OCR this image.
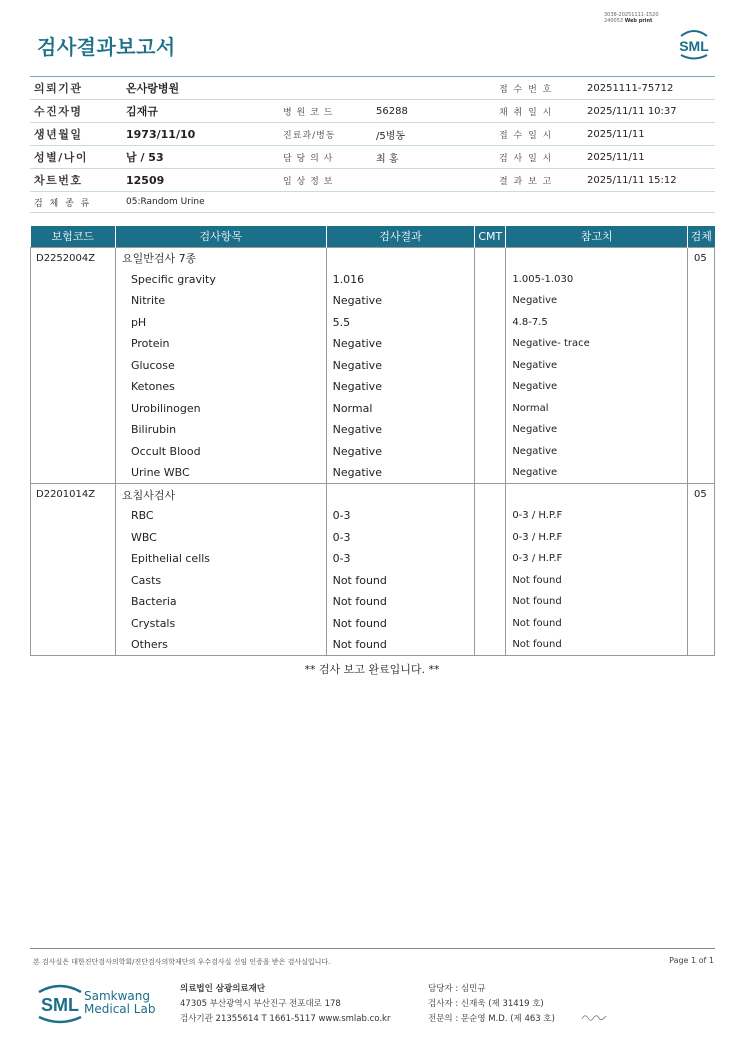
3038-20251111-1520
240053 Web print
검사결과보고서	SML
의뢰기관	온사랑병원	접 수 번 호	20251111-75712
수진자명	김재규	병 원 코 드	56288	채 취 일 시	2025/11/11 10:37
생년월일	1973/11/10	진료과/병동	/5병동	접 수 일 시	2025/11/11
성별/나이	남 / 53	담 당 의 사	최 홍	검 사 일 시	2025/11/11
차트번호	12509	임 상 정 보	결 과 보 고	2025/11/11 15:12
검 체 종 류	05:Random Urine
보험코드	검사항목	검사결과	CMT	참고치	검체
D2252004Z	요일반검사 7종				05
	Specific gravity	1.016		1.005-1.030	
	Nitrite	Negative		Negative	
	pH	5.5		4.8-7.5	
	Protein	Negative		Negative- trace	
	Glucose	Negative		Negative	
	Ketones	Negative		Negative	
	Urobilinogen	Normal		Normal	
	Bilirubin	Negative		Negative	
	Occult Blood	Negative		Negative	
	Urine WBC	Negative		Negative	
D2201014Z	요침사검사				05
	RBC	0-3		0-3 / H.P.F	
	WBC	0-3		0-3 / H.P.F	
	Epithelial cells	0-3		0-3 / H.P.F	
	Casts	Not found		Not found	
	Bacteria	Not found		Not found	
	Crystals	Not found		Not found	
	Others	Not found		Not found	
** 검사 보고 완료입니다. **
본 검사실은 대한진단검사의학회/진단검사의학재단의 우수검사실 신임 인증을 받은 검사실입니다.	Page 1 of 1
SML Samkwang
Medical Lab
의료법인 삼광의료재단
47305 부산광역시 부산진구 전포대로 178
검사기관 21355614 T 1661-5117 www.smlab.co.kr
담당자 : 심민규
검사자 : 신재욱 (제 31419 호)
전문의 : 문순영 M.D. (제 463 호)
